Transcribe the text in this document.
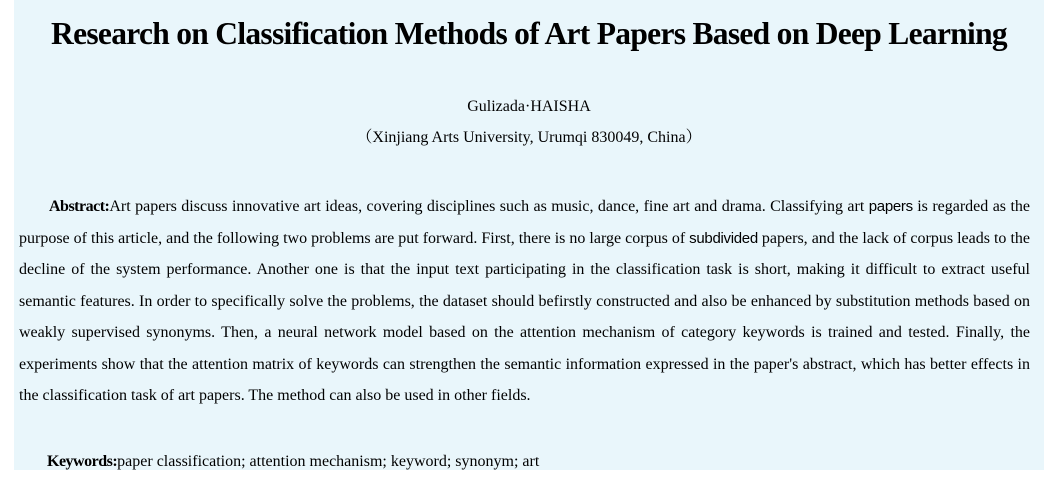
Research on Classification Methods of Art Papers Based on Deep Learning
Gulizada·HAISHA
（Xinjiang Arts University, Urumqi 830049, China）

Abstract:Art papers discuss innovative art ideas, covering disciplines such as music, dance, fine art and drama. Classifying art papers is regarded as the purpose of this article, and the following two problems are put forward. First, there is no large corpus of subdivided papers, and the lack of corpus leads to the decline of the system performance. Another one is that the input text participating in the classification task is short, making it difficult to extract useful semantic features. In order to specifically solve the problems, the dataset should befirstly constructed and also be enhanced by substitution methods based on weakly supervised synonyms. Then, a neural network model based on the attention mechanism of category keywords is trained and tested. Finally, the experiments show that the attention matrix of keywords can strengthen the semantic information expressed in the paper's abstract, which has better effects in the classification task of art papers. The method can also be used in other fields.

Keywords:paper classification; attention mechanism; keyword; synonym; art
